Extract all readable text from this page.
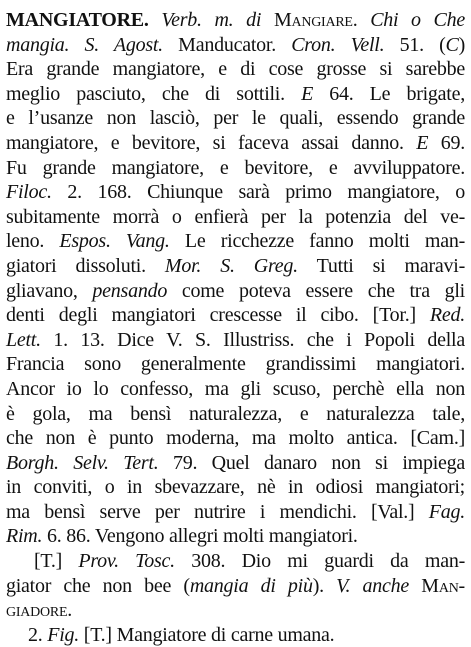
MANGIATORE. Verb. m. di Mangiare. Chi o Che
mangia. S. Agost. Manducator. Cron. Vell. 51. (C)
Era grande mangiatore, e di cose grosse si sarebbe
meglio pasciuto, che di sottili. E 64. Le brigate,
e l’usanze non lasciò, per le quali, essendo grande
mangiatore, e bevitore, si faceva assai danno. E 69.
Fu grande mangiatore, e bevitore, e avviluppatore.
Filoc. 2. 168. Chiunque sarà primo mangiatore, o
subitamente morrà o enfierà per la potenzia del ve-
leno. Espos. Vang. Le ricchezze fanno molti man-
giatori dissoluti. Mor. S. Greg. Tutti si maravi-
gliavano, pensando come poteva essere che tra gli
denti degli mangiatori crescesse il cibo. [Tor.] Red.
Lett. 1. 13. Dice V. S. Illustriss. che i Popoli della
Francia sono generalmente grandissimi mangiatori.
Ancor io lo confesso, ma gli scuso, perchè ella non
è gola, ma bensì naturalezza, e naturalezza tale,
che non è punto moderna, ma molto antica. [Cam.]
Borgh. Selv. Tert. 79. Quel danaro non si impiega
in conviti, o in sbevazzare, nè in odiosi mangiatori;
ma bensì serve per nutrire i mendichi. [Val.] Fag.
Rim. 6. 86. Vengono allegri molti mangiatori.
[T.] Prov. Tosc. 308. Dio mi guardi da man-
giator che non bee (mangia di più). V. anche Man-
giadore.
2. Fig. [T.] Mangiatore di carne umana.
